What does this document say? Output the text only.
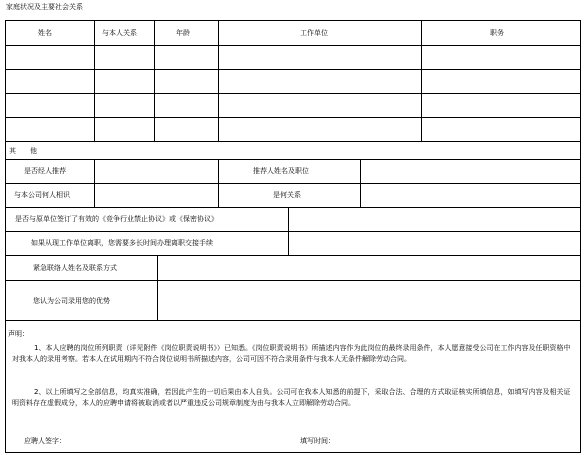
家庭状况及主要社会关系
姓名	与本人关系	年龄	工作单位	职务
其　　他
是否经人推荐	推荐人姓名及职位
与本公司何人相识	是何关系
是否与原单位签订了有效的《竞争行业禁止协议》或《保密协议》
如果从现工作单位离职，您需要多长时间办理离职交接手续
紧急联络人姓名及联系方式
您认为公司录用您的优势
声明：
1、本人应聘的岗位所列职责（详见附件《岗位职责说明书》）已知悉。《岗位职责说明书》所描述内容作为此岗位的最终录用条件，本人愿意接受公司在工作内容及任职资格中对我本人的录用考察。若本人在试用期内不符合岗位说明书所描述内容，公司可因不符合录用条件与我本人无条件解除劳动合同。
2、以上所填写之全部信息，均真实准确，若因此产生的一切后果由本人自负。公司可在我本人知悉的前提下，采取合法、合理的方式取证核实所填信息，如填写内容及相关证明资料存在虚假成分，本人的应聘申请将被取消或者以严重违反公司规章制度为由与我本人立即解除劳动合同。
应聘人签字：	填写时间：
